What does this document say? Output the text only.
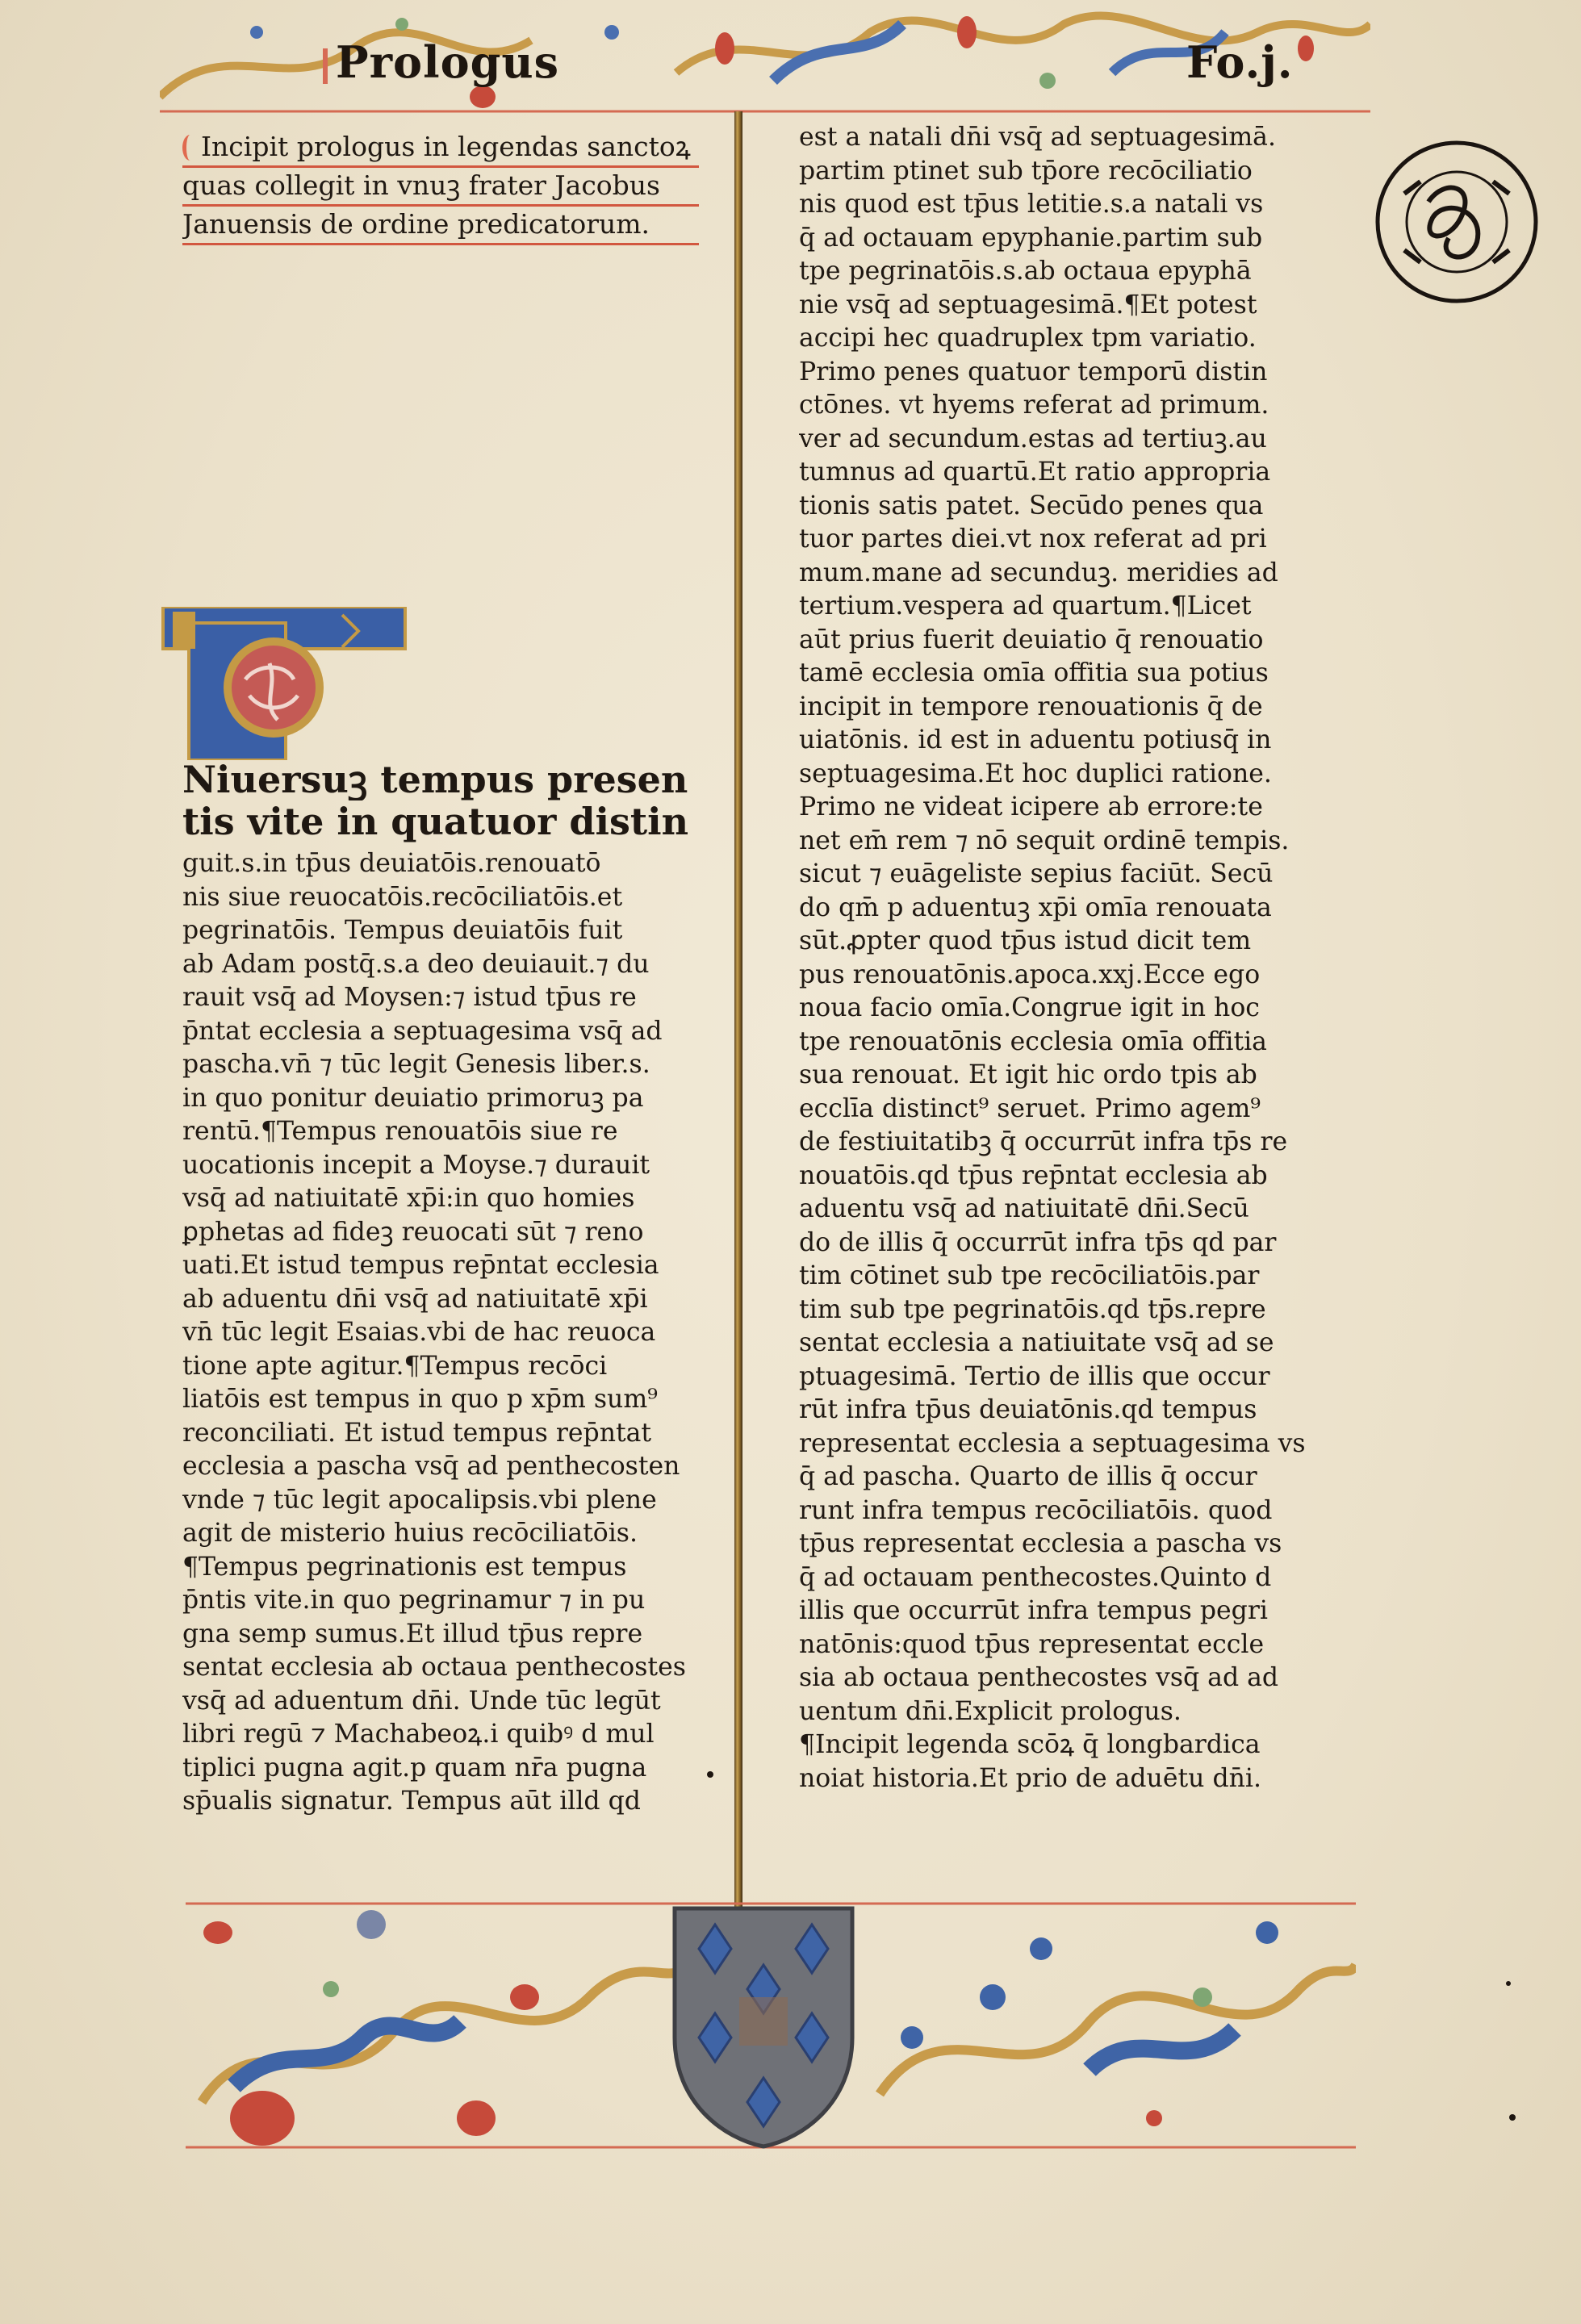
Prologus	Fo.j.
Incipit prologus in legendas sanctoꝝ
quas collegit in vnuꝫ frater Jacobus
Januensis de ordine predicatorum.
Niuersuꝫ tempus presen
tis vite in quatuor distin
guit.s.in tp̄us deuiatōis.renouatō
nis siue reuocatōis.recōciliatōis.et
pegrinatōis. Tempus deuiatōis fuit
ab Adam postq̄.s.a deo deuiauit.⁊ du
rauit vsq̄ ad Moysen:⁊ istud tp̄us re
p̄ntat ecclesia a septuagesima vsq̄ ad
pascha.vn̄ ⁊ tūc legit Genesis liber.s.
in quo ponitur deuiatio primoruꝫ pa
rentū.¶Tempus renouatōis siue re
uocationis incepit a Moyse.⁊ durauit
vsq̄ ad natiuitatē xp̄i:in quo homies
ꝑphetas ad fideꝫ reuocati sūt ⁊ reno
uati.Et istud tempus rep̄ntat ecclesia
ab aduentu dn̄i vsq̄ ad natiuitatē xp̄i
vn̄ tūc legit Esaias.vbi de hac reuoca
tione apte agitur.¶Tempus recōci
liatōis est tempus in quo p xp̄m sum⁹
reconciliati. Et istud tempus rep̄ntat
ecclesia a pascha vsq̄ ad penthecosten
vnde ⁊ tūc legit apocalipsis.vbi plene
agit de misterio huius recōciliatōis.
¶Tempus pegrinationis est tempus
p̄ntis vite.in quo pegrinamur ⁊ in pu
gna semp sumus.Et illud tp̄us repre
sentat ecclesia ab octaua penthecostes
vsq̄ ad aduentum dn̄i. Unde tūc legūt
libri regū ⁊ Machabeoꝝ.i quibꝰ d mul
tiplici pugna agit.p quam nr̄a pugna
sp̄ualis signatur. Tempus aūt illd qd
est a natali dn̄i vsq̄ ad septuagesimā.
partim ptinet sub tp̄ore recōciliatio
nis quod est tp̄us letitie.s.a natali vs
q̄ ad octauam epyphanie.partim sub
tpe pegrinatōis.s.ab octaua epyphā
nie vsq̄ ad septuagesimā.¶Et potest
accipi hec quadruplex tpm variatio.
Primo penes quatuor temporū distin
ctōnes. vt hyems referat ad primum.
ver ad secundum.estas ad tertiuꝫ.au
tumnus ad quartū.Et ratio appropria
tionis satis patet. Secūdo penes qua
tuor partes diei.vt nox referat ad pri
mum.mane ad secunduꝫ. meridies ad
tertium.vespera ad quartum.¶Licet
aūt prius fuerit deuiatio q̄ renouatio
tamē ecclesia omīa offitia sua potius
incipit in tempore renouationis q̄ de
uiatōnis. id est in aduentu potiusq̄ in
septuagesima.Et hoc duplici ratione.
Primo ne videat icipere ab errore:te
net em̄ rem ⁊ nō sequit ordinē tempis.
sicut ⁊ euāgeliste sepius faciūt. Secū
do qm̄ p aduentuꝫ xp̄i omīa renouata
sūt.ꝓpter quod tp̄us istud dicit tem
pus renouatōnis.apoca.xxj.Ecce ego
noua facio omīa.Congrue igit in hoc
tpe renouatōnis ecclesia omīa offitia
sua renouat. Et igit hic ordo tpis ab
ecclīa distinct⁹ seruet. Primo agem⁹
de festiuitatibꝫ q̄ occurrūt infra tp̄s re
nouatōis.qd tp̄us rep̄ntat ecclesia ab
aduentu vsq̄ ad natiuitatē dn̄i.Secū
do de illis q̄ occurrūt infra tp̄s qd par
tim cōtinet sub tpe recōciliatōis.par
tim sub tpe pegrinatōis.qd tp̄s.repre
sentat ecclesia a natiuitate vsq̄ ad se
ptuagesimā. Tertio de illis que occur
rūt infra tp̄us deuiatōnis.qd tempus
representat ecclesia a septuagesima vs
q̄ ad pascha. Quarto de illis q̄ occur
runt infra tempus recōciliatōis. quod
tp̄us representat ecclesia a pascha vs
q̄ ad octauam penthecostes.Quinto d
illis que occurrūt infra tempus pegri
natōnis:quod tp̄us representat eccle
sia ab octaua penthecostes vsq̄ ad ad
uentum dn̄i.Explicit prologus.
¶Incipit legenda scōꝝ q̄ longbardica
noiat historia.Et prio de aduētu dn̄i.
